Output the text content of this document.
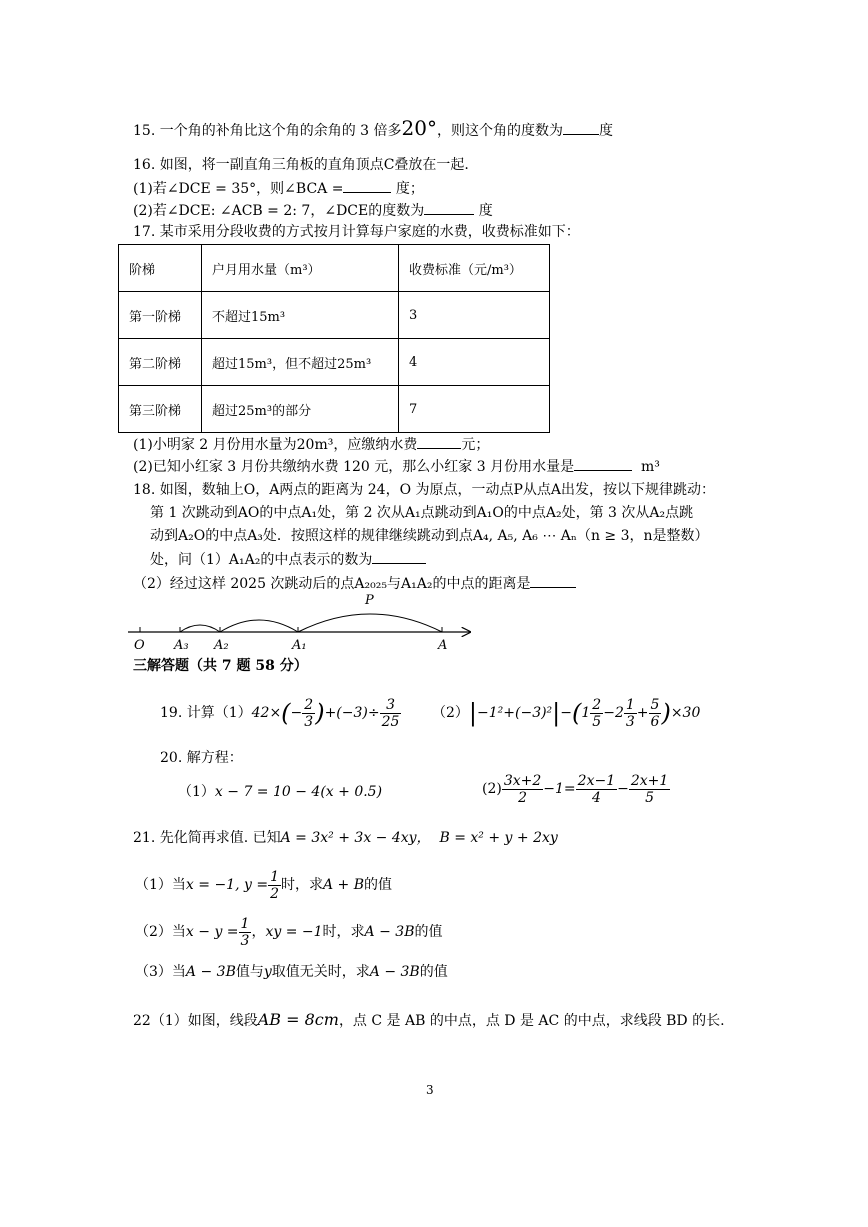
15. 一个角的补角比这个角的余角的 3 倍多20°，则这个角的度数为	度
16. 如图，将一副直角三角板的直角顶点C叠放在一起.
(1)若∠DCE = 35°，则∠BCA =	度；
(2)若∠DCE: ∠ACB = 2: 7，∠DCE的度数为	度
17. 某市采用分段收费的方式按月计算每户家庭的水费，收费标准如下：
阶梯	户月用水量（m³）	收费标准（元/m³）
第一阶梯	不超过15m³	3
第二阶梯	超过15m³，但不超过25m³	4
第三阶梯	超过25m³的部分	7
(1)小明家 2 月份用水量为20m³，应缴纳水费	元；
(2)已知小红家 3 月份共缴纳水费 120 元，那么小红家 3 月份用水量是	m³
18. 如图，数轴上O，A两点的距离为 24，O 为原点，一动点P从点A出发，按以下规律跳动：
第 1 次跳动到AO的中点A₁处，第 2 次从A₁点跳动到A₁O的中点A₂处，第 3 次从A₂点跳
动到A₂O的中点A₃处．按照这样的规律继续跳动到点A₄, A₅, A₆ ⋯ Aₙ（n ≥ 3，n是整数）
处，问（1）A₁A₂的中点表示的数为
（2）经过这样 2025 次跳动后的点A₂₀₂₅与A₁A₂的中点的距离是
P
O A₃ A₂	A₁	A
三解答题（共 7 题 58 分）
19. 计算$(1)42\times(- \frac{2}{3} )+(-3)\div \frac{3}{25} (2)|-1^2+(-3)^2|-(1 \frac{2}{5} -2 \frac{1}{3} + \frac{5}{6} )\times 30$
20. 解方程：
（1）x − 7 = 10 − 4(x + 0.5)	$(2) \frac{3x+2}{2} -1= \frac{2x-1}{4} - \frac{2x+1}{5}$
21. 先化简再求值. 已知A = 3x² + 3x − 4xy， B = x² + y + 2xy
（1）当x = −1, $y = \frac{1}{2}$ 时，求A + B的值
（2）当$x - y = \frac{1}{3}$ ，xy = −1时，求A − 3B的值
（3）当A − 3B值与y取值无关时，求A − 3B的值
22（1）如图，线段AB = 8cm，点 C 是 AB 的中点，点 D 是 AC 的中点，求线段 BD 的长.
3
